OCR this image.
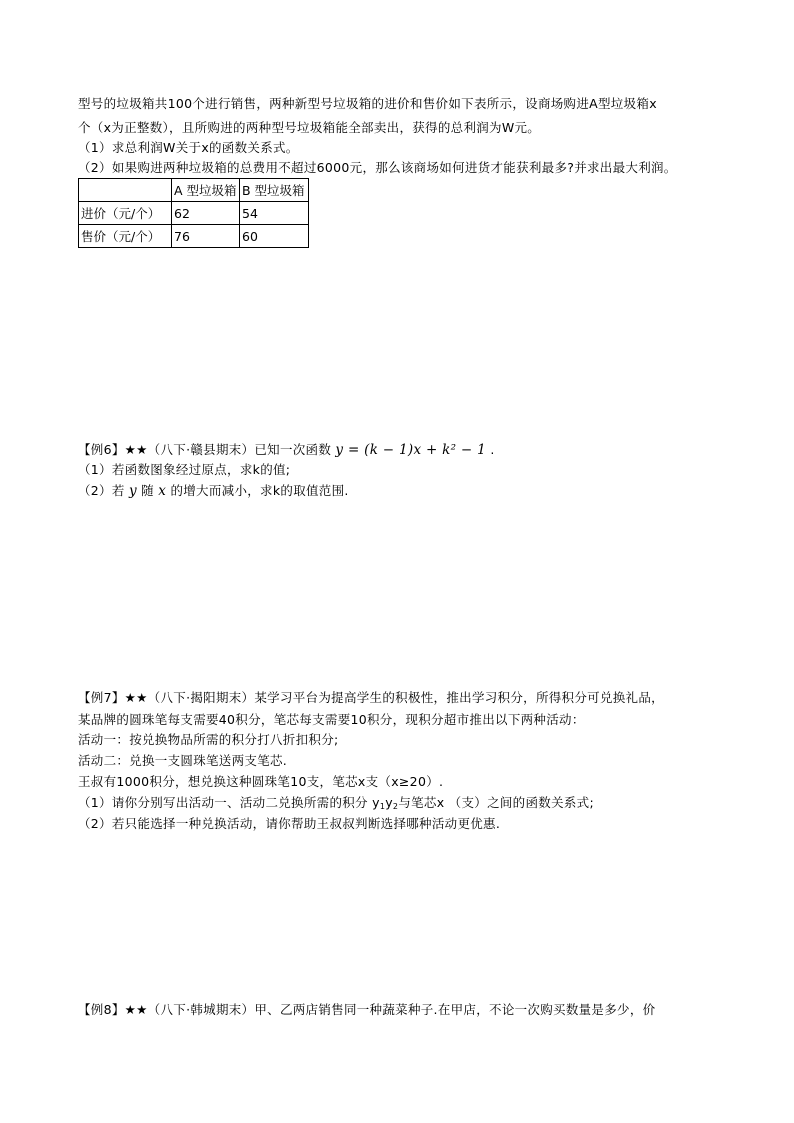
型号的垃圾箱共100个进行销售，两种新型号垃圾箱的进价和售价如下表所示，设商场购进A型垃圾箱x
个（x为正整数），且所购进的两种型号垃圾箱能全部卖出，获得的总利润为W元。
（1）求总利润W关于x的函数关系式。
（2）如果购进两种垃圾箱的总费用不超过6000元，那么该商场如何进货才能获利最多?并求出最大利润。
	A 型垃圾箱	B 型垃圾箱
进价（元/个）	62	54
售价（元/个）	76	60
【例6】★★（八下·赣县期末）已知一次函数 y = (k − 1)x + k² − 1 .
（1）若函数图象经过原点，求k的值;
（2）若 y 随 x 的增大而减小，求k的取值范围.
【例7】★★（八下·揭阳期末）某学习平台为提高学生的积极性，推出学习积分，所得积分可兑换礼品，
某品牌的圆珠笔每支需要40积分，笔芯每支需要10积分，现积分超市推出以下两种活动：
活动一：按兑换物品所需的积分打八折扣积分;
活动二：兑换一支圆珠笔送两支笔芯.
王叔有1000积分，想兑换这种圆珠笔10支，笔芯x支（x≥20）.
（1）请你分别写出活动一、活动二兑换所需的积分 $y_1y_2$与笔芯x （支）之间的函数关系式;
（2）若只能选择一种兑换活动，请你帮助王叔叔判断选择哪种活动更优惠.
【例8】★★（八下·韩城期末）甲、乙两店销售同一种蔬菜种子.在甲店，不论一次购买数量是多少，价
